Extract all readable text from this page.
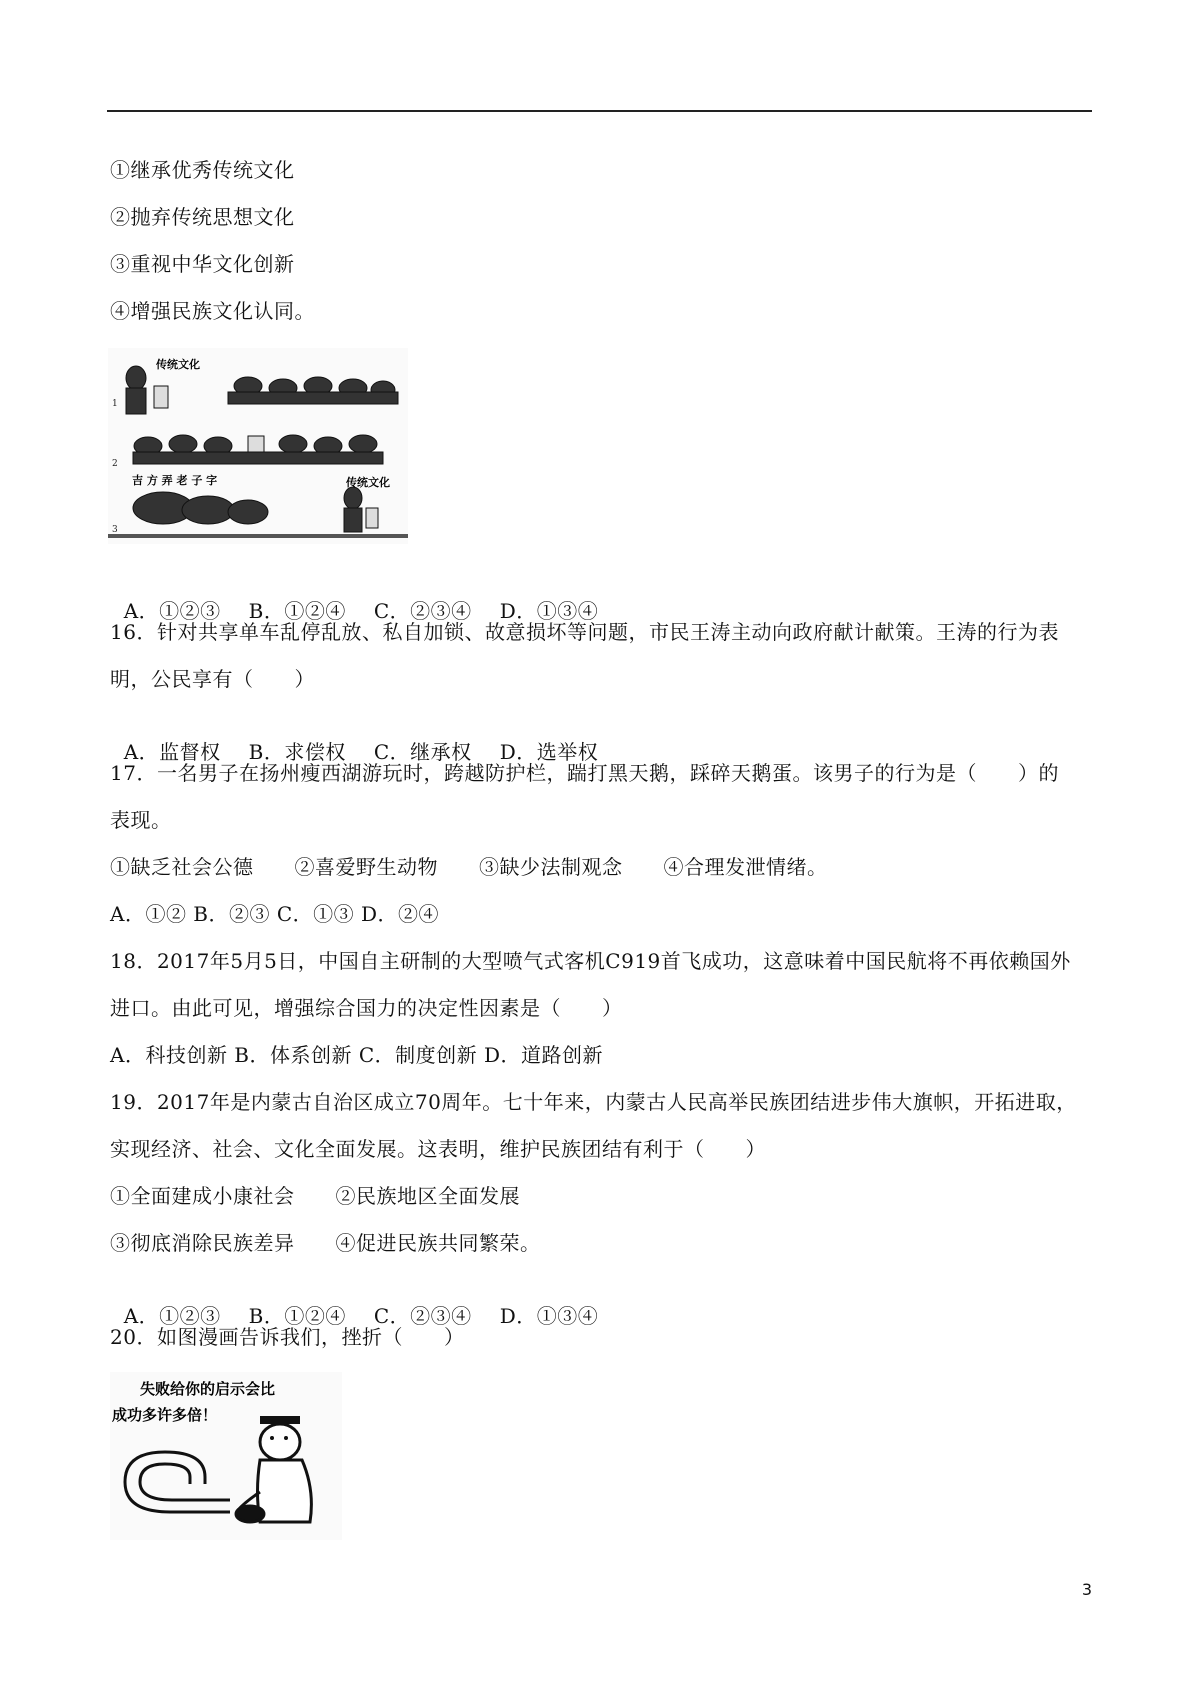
①继承优秀传统文化
②抛弃传统思想文化
③重视中华文化创新
④增强民族文化认同。
传统文化
吉 方 弄 老 子 字	传统文化
1
2
3

A．①②③ B．①②④ C．②③④ D．①③④

16．针对共享单车乱停乱放、私自加锁、故意损坏等问题，市民王涛主动向政府献计献策。王涛的行为表
明，公民享有（　　）

A．监督权 B．求偿权 C．继承权 D．选举权

17．一名男子在扬州瘦西湖游玩时，跨越防护栏，踹打黑天鹅，踩碎天鹅蛋。该男子的行为是（　　）的
表现。
①缺乏社会公德　　②喜爱野生动物　　③缺少法制观念　　④合理发泄情绪。
A．①② B．②③ C．①③ D．②④
18．2017年5月5日，中国自主研制的大型喷气式客机C919首飞成功，这意味着中国民航将不再依赖国外
进口。由此可见，增强综合国力的决定性因素是（　　）
A．科技创新 B．体系创新 C．制度创新 D．道路创新
19．2017年是内蒙古自治区成立70周年。七十年来，内蒙古人民高举民族团结进步伟大旗帜，开拓进取，
实现经济、社会、文化全面发展。这表明，维护民族团结有利于（　　）
①全面建成小康社会　　②民族地区全面发展
③彻底消除民族差异　　④促进民族共同繁荣。

A．①②③ B．①②④ C．②③④ D．①③④

20．如图漫画告诉我们，挫折（　　）
失败给你的启示会比
成功多许多倍！
3
